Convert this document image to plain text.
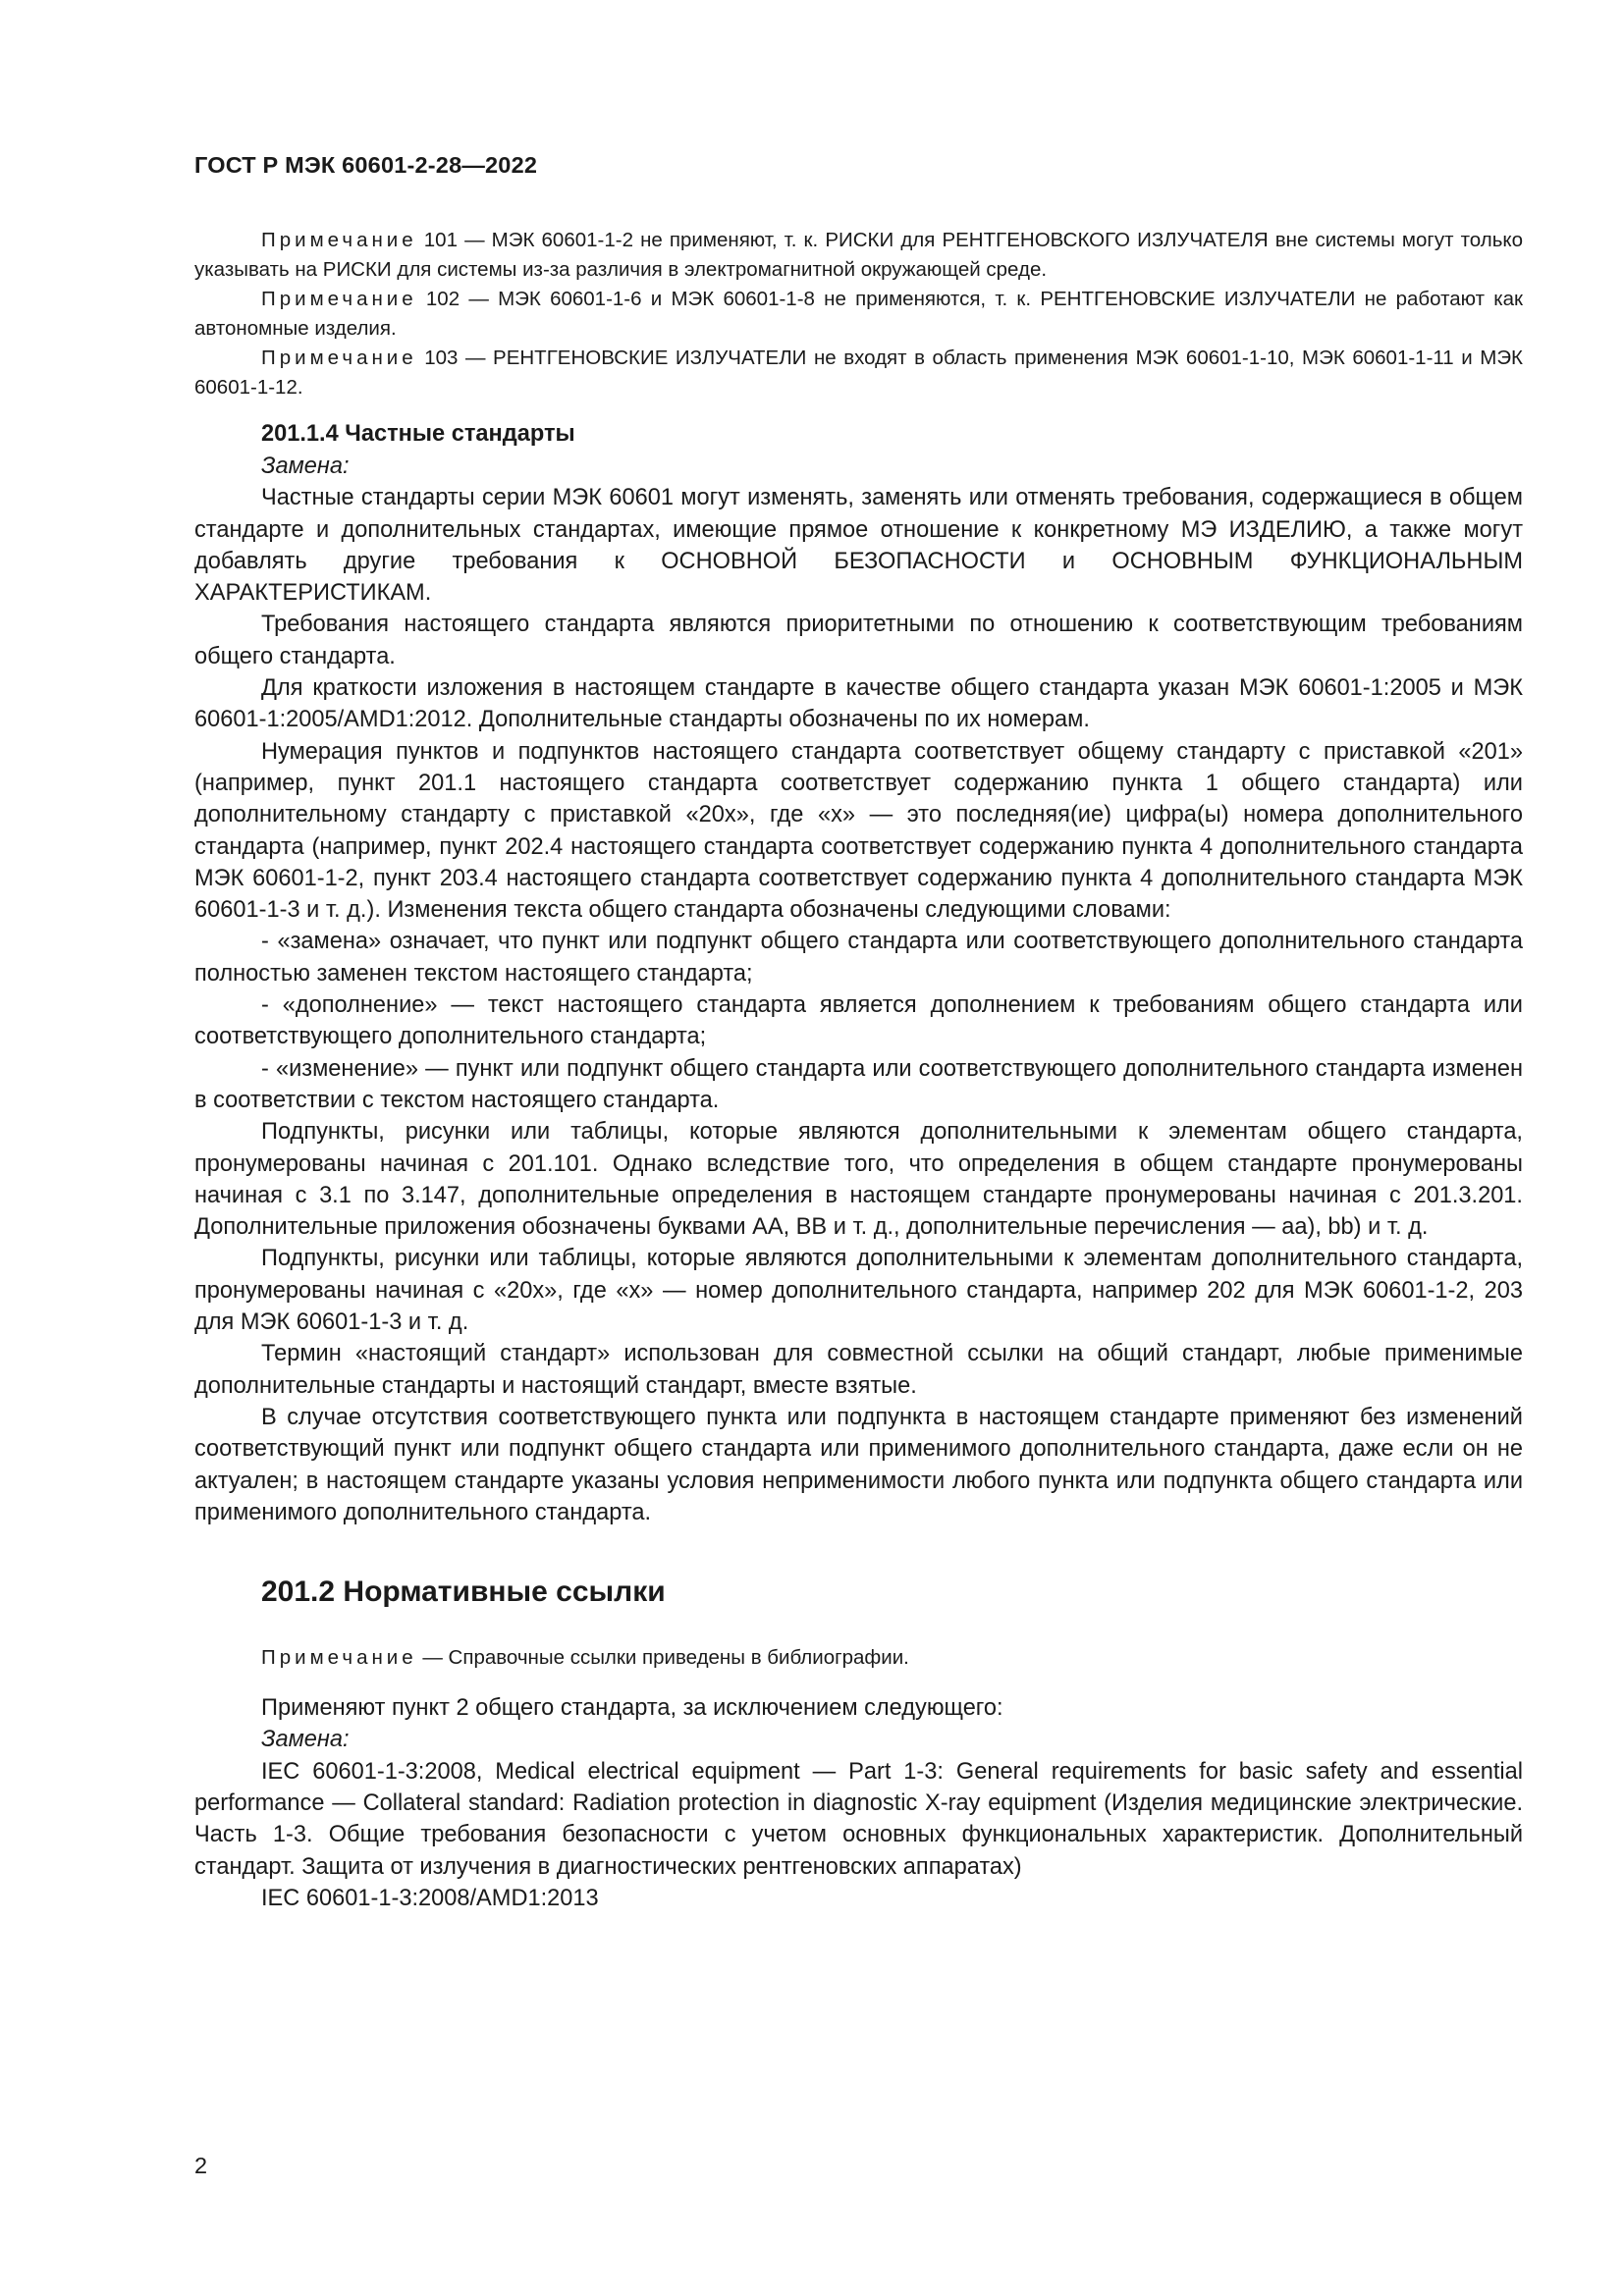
ГОСТ Р МЭК 60601-2-28—2022

Примечание 101 — МЭК 60601-1-2 не применяют, т. к. РИСКИ для РЕНТГЕНОВСКОГО ИЗЛУЧАТЕЛЯ вне системы могут только указывать на РИСКИ для системы из-за различия в электромагнитной окружающей среде.

Примечание 102 — МЭК 60601-1-6 и МЭК 60601-1-8 не применяются, т. к. РЕНТГЕНОВСКИЕ ИЗЛУЧАТЕЛИ не работают как автономные изделия.

Примечание 103 — РЕНТГЕНОВСКИЕ ИЗЛУЧАТЕЛИ не входят в область применения МЭК 60601-1-10, МЭК 60601-1-11 и МЭК 60601-1-12.

201.1.4 Частные стандарты

Замена:

Частные стандарты серии МЭК 60601 могут изменять, заменять или отменять требования, содержащиеся в общем стандарте и дополнительных стандартах, имеющие прямое отношение к конкретному МЭ ИЗДЕЛИЮ, а также могут добавлять другие требования к ОСНОВНОЙ БЕЗОПАСНОСТИ и ОСНОВНЫМ ФУНКЦИОНАЛЬНЫМ ХАРАКТЕРИСТИКАМ.

Требования настоящего стандарта являются приоритетными по отношению к соответствующим требованиям общего стандарта.

Для краткости изложения в настоящем стандарте в качестве общего стандарта указан МЭК 60601-1:2005 и МЭК 60601-1:2005/AMD1:2012. Дополнительные стандарты обозначены по их номерам.

Нумерация пунктов и подпунктов настоящего стандарта соответствует общему стандарту с приставкой «201» (например, пункт 201.1 настоящего стандарта соответствует содержанию пункта 1 общего стандарта) или дополнительному стандарту с приставкой «20х», где «х» — это последняя(ие) цифра(ы) номера дополнительного стандарта (например, пункт 202.4 настоящего стандарта соответствует содержанию пункта 4 дополнительного стандарта МЭК 60601-1-2, пункт 203.4 настоящего стандарта соответствует содержанию пункта 4 дополнительного стандарта МЭК 60601-1-3 и т. д.). Изменения текста общего стандарта обозначены следующими словами:

- «замена» означает, что пункт или подпункт общего стандарта или соответствующего дополнительного стандарта полностью заменен текстом настоящего стандарта;

- «дополнение» — текст настоящего стандарта является дополнением к требованиям общего стандарта или соответствующего дополнительного стандарта;

- «изменение» — пункт или подпункт общего стандарта или соответствующего дополнительного стандарта изменен в соответствии с текстом настоящего стандарта.

Подпункты, рисунки или таблицы, которые являются дополнительными к элементам общего стандарта, пронумерованы начиная с 201.101. Однако вследствие того, что определения в общем стандарте пронумерованы начиная с 3.1 по 3.147, дополнительные определения в настоящем стандарте пронумерованы начиная с 201.3.201. Дополнительные приложения обозначены буквами АА, ВВ и т. д., дополнительные перечисления — аа), bb) и т. д.

Подпункты, рисунки или таблицы, которые являются дополнительными к элементам дополнительного стандарта, пронумерованы начиная с «20х», где «х» — номер дополнительного стандарта, например 202 для МЭК 60601-1-2, 203 для МЭК 60601-1-3 и т. д.

Термин «настоящий стандарт» использован для совместной ссылки на общий стандарт, любые применимые дополнительные стандарты и настоящий стандарт, вместе взятые.

В случае отсутствия соответствующего пункта или подпункта в настоящем стандарте применяют без изменений соответствующий пункт или подпункт общего стандарта или применимого дополнительного стандарта, даже если он не актуален; в настоящем стандарте указаны условия неприменимости любого пункта или подпункта общего стандарта или применимого дополнительного стандарта.

201.2 Нормативные ссылки

Примечание — Справочные ссылки приведены в библиографии.

Применяют пункт 2 общего стандарта, за исключением следующего:

Замена:

IEC 60601-1-3:2008, Medical electrical equipment — Part 1-3: General requirements for basic safety and essential performance — Collateral standard: Radiation protection in diagnostic X-ray equipment (Изделия медицинские электрические. Часть 1-3. Общие требования безопасности с учетом основных функциональных характеристик. Дополнительный стандарт. Защита от излучения в диагностических рентгеновских аппаратах)

IEC 60601-1-3:2008/AMD1:2013

2
